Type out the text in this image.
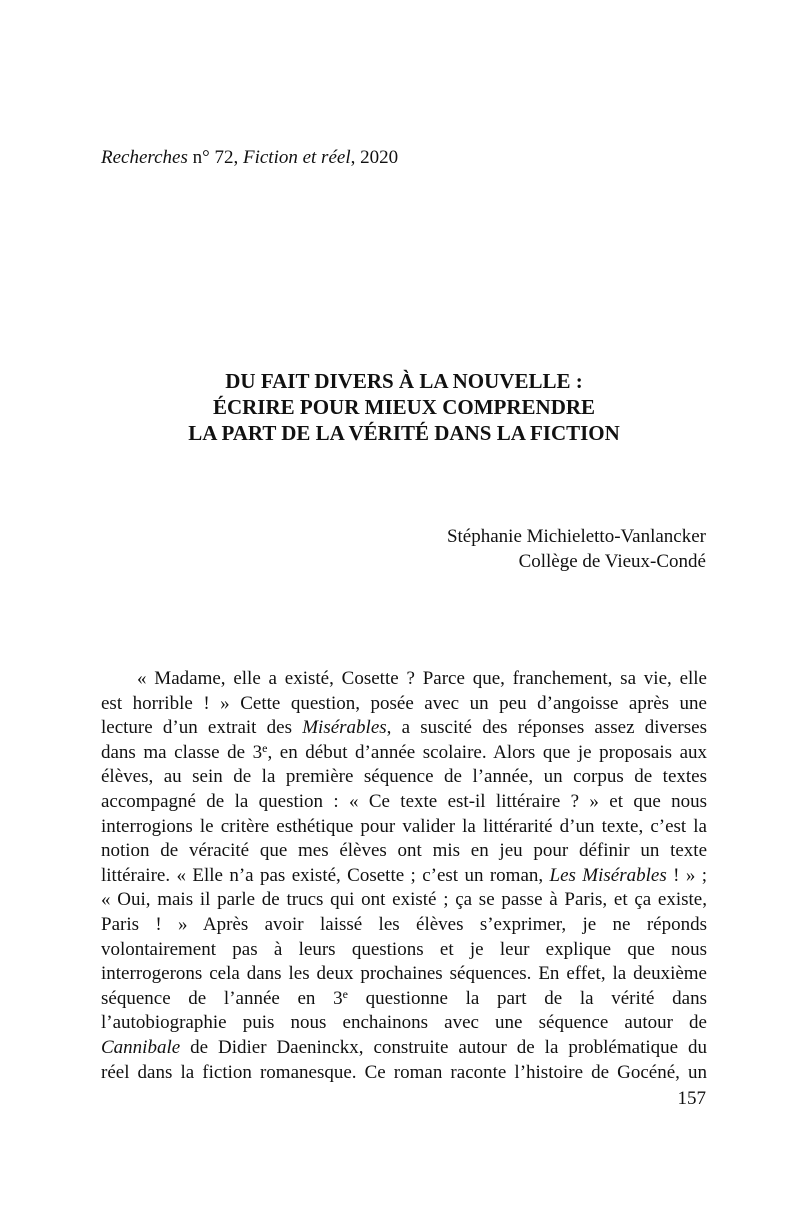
Recherches n° 72, Fiction et réel, 2020
DU FAIT DIVERS À LA NOUVELLE :
ÉCRIRE POUR MIEUX COMPRENDRE
LA PART DE LA VÉRITÉ DANS LA FICTION
Stéphanie Michieletto-Vanlancker
Collège de Vieux-Condé
« Madame, elle a existé, Cosette ? Parce que, franchement, sa vie, elle
est horrible ! » Cette question, posée avec un peu d’angoisse après une
lecture d’un extrait des Misérables, a suscité des réponses assez diverses
dans ma classe de 3e, en début d’année scolaire. Alors que je proposais aux
élèves, au sein de la première séquence de l’année, un corpus de textes
accompagné de la question : « Ce texte est-il littéraire ? » et que nous
interrogions le critère esthétique pour valider la littérarité d’un texte, c’est la
notion de véracité que mes élèves ont mis en jeu pour définir un texte
littéraire. « Elle n’a pas existé, Cosette ; c’est un roman, Les Misérables ! » ;
« Oui, mais il parle de trucs qui ont existé ; ça se passe à Paris, et ça existe,
Paris ! » Après avoir laissé les élèves s’exprimer, je ne réponds
volontairement pas à leurs questions et je leur explique que nous
interrogerons cela dans les deux prochaines séquences. En effet, la deuxième
séquence de l’année en 3e questionne la part de la vérité dans
l’autobiographie puis nous enchainons avec une séquence autour de
Cannibale de Didier Daeninckx, construite autour de la problématique du
réel dans la fiction romanesque. Ce roman raconte l’histoire de Gocéné, un
157
